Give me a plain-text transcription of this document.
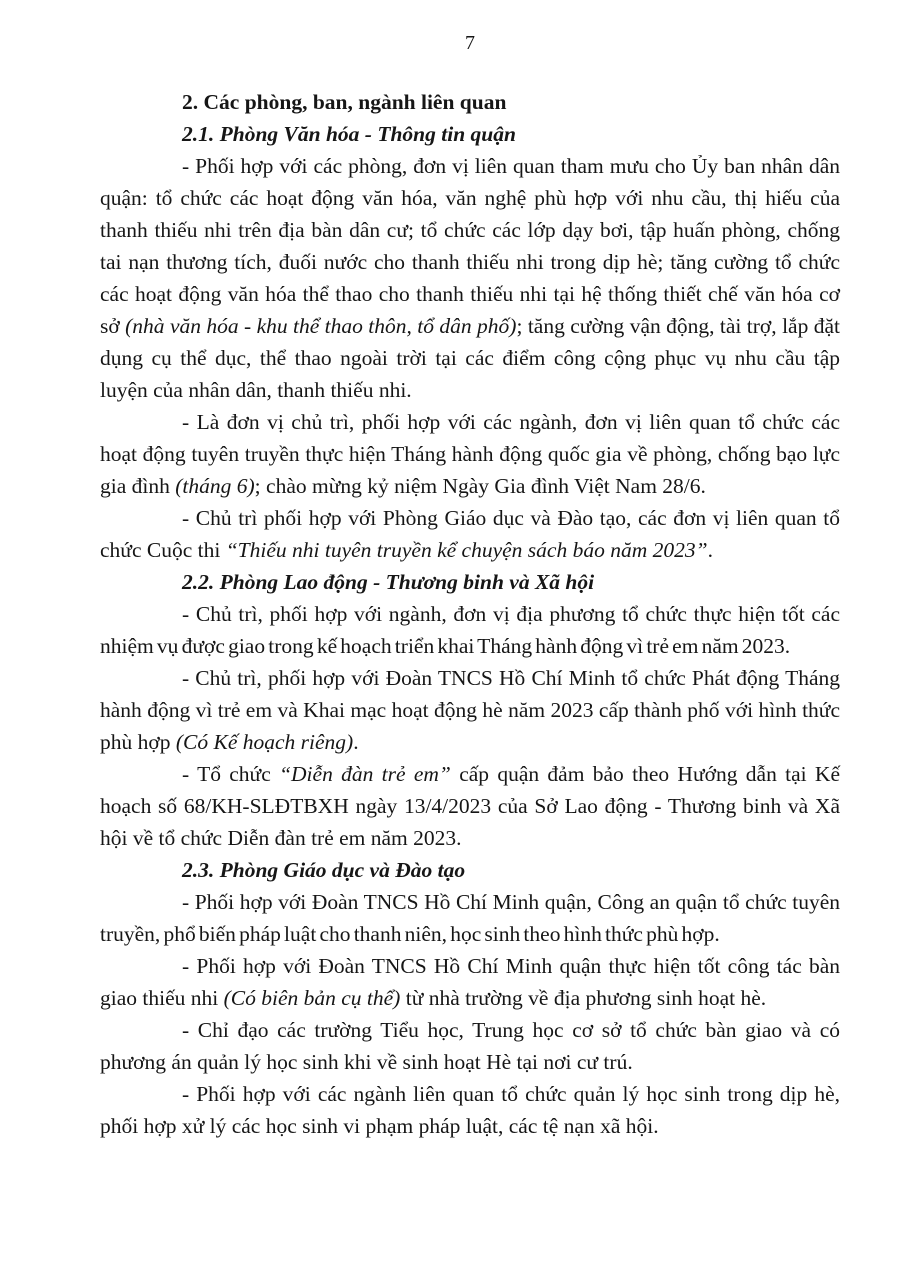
7

2. Các phòng, ban, ngành liên quan

2.1. Phòng Văn hóa - Thông tin quận

- Phối hợp với các phòng, đơn vị liên quan tham mưu cho Ủy ban nhân dân quận: tổ chức các hoạt động văn hóa, văn nghệ phù hợp với nhu cầu, thị hiếu của thanh thiếu nhi trên địa bàn dân cư; tổ chức các lớp dạy bơi, tập huấn phòng, chống tai nạn thương tích, đuối nước cho thanh thiếu nhi trong dịp hè; tăng cường tổ chức các hoạt động văn hóa thể thao cho thanh thiếu nhi tại hệ thống thiết chế văn hóa cơ sở (nhà văn hóa - khu thể thao thôn, tổ dân phố); tăng cường vận động, tài trợ, lắp đặt dụng cụ thể dục, thể thao ngoài trời tại các điểm công cộng phục vụ nhu cầu tập luyện của nhân dân, thanh thiếu nhi.

- Là đơn vị chủ trì, phối hợp với các ngành, đơn vị liên quan tổ chức các hoạt động tuyên truyền thực hiện Tháng hành động quốc gia về phòng, chống bạo lực gia đình (tháng 6); chào mừng kỷ niệm Ngày Gia đình Việt Nam 28/6.

- Chủ trì phối hợp với Phòng Giáo dục và Đào tạo, các đơn vị liên quan tổ chức Cuộc thi “Thiếu nhi tuyên truyền kể chuyện sách báo năm 2023”.

2.2. Phòng Lao động - Thương binh và Xã hội

- Chủ trì, phối hợp với ngành, đơn vị địa phương tổ chức thực hiện tốt các nhiệm vụ được giao trong kế hoạch triển khai Tháng hành động vì trẻ em năm 2023.

- Chủ trì, phối hợp với Đoàn TNCS Hồ Chí Minh tổ chức Phát động Tháng hành động vì trẻ em và Khai mạc hoạt động hè năm 2023 cấp thành phố với hình thức phù hợp (Có Kế hoạch riêng).

- Tổ chức “Diễn đàn trẻ em” cấp quận đảm bảo theo Hướng dẫn tại Kế hoạch số 68/KH-SLĐTBXH ngày 13/4/2023 của Sở Lao động - Thương binh và Xã hội về tổ chức Diễn đàn trẻ em năm 2023.

2.3. Phòng Giáo dục và Đào tạo

- Phối hợp với Đoàn TNCS Hồ Chí Minh quận, Công an quận tổ chức tuyên truyền, phổ biến pháp luật cho thanh niên, học sinh theo hình thức phù hợp.

- Phối hợp với Đoàn TNCS Hồ Chí Minh quận thực hiện tốt công tác bàn giao thiếu nhi (Có biên bản cụ thể) từ nhà trường về địa phương sinh hoạt hè.

- Chỉ đạo các trường Tiểu học, Trung học cơ sở tổ chức bàn giao và có phương án quản lý học sinh khi về sinh hoạt Hè tại nơi cư trú.

- Phối hợp với các ngành liên quan tổ chức quản lý học sinh trong dịp hè, phối hợp xử lý các học sinh vi phạm pháp luật, các tệ nạn xã hội.
